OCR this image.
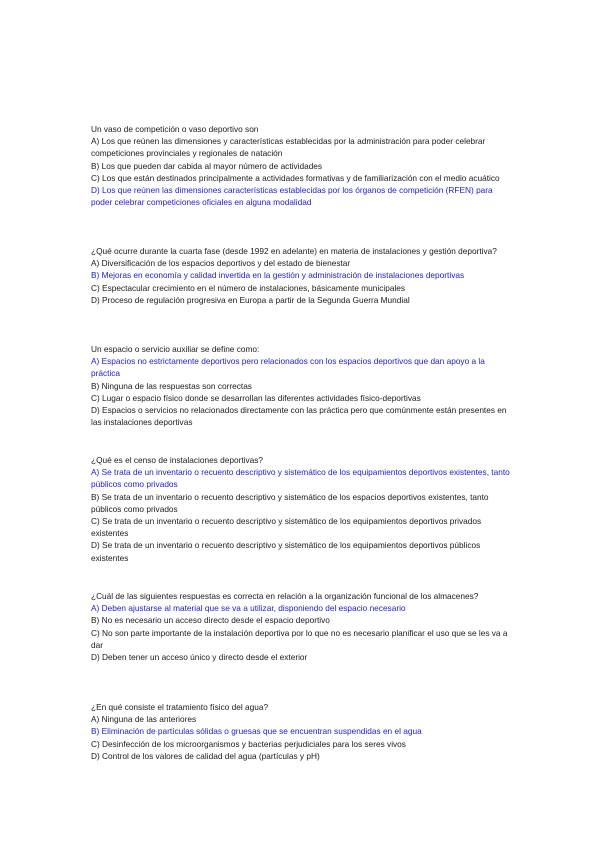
Un vaso de competición o vaso deportivo son

A) Los que reúnen las dimensiones y características establecidas por la administración para poder celebrar competiciones provinciales y regionales de natación

B) Los que pueden dar cabida al mayor número de actividades

C) Los que están destinados principalmente a actividades formativas y de familiarización con el medio acuático

D) Los que reúnen las dimensiones características establecidas por los órganos de competición (RFEN) para poder celebrar competiciones oficiales en alguna modalidad

¿Qué ocurre durante la cuarta fase (desde 1992 en adelante) en materia de instalaciones y gestión deportiva?

A) Diversificación de los espacios deportivos y del estado de bienestar

B) Mejoras en economía y calidad invertida en la gestión y administración de instalaciones deportivas

C) Espectacular crecimiento en el número de instalaciones, básicamente municipales

D) Proceso de regulación progresiva en Europa a partir de la Segunda Guerra Mundial

Un espacio o servicio auxiliar se define como:

A) Espacios no estrictamente deportivos pero relacionados con los espacios deportivos que dan apoyo a la práctica

B) Ninguna de las respuestas son correctas

C) Lugar o espacio físico donde se desarrollan las diferentes actividades físico-deportivas

D) Espacios o servicios no relacionados directamente con las práctica pero que comúnmente están presentes en las instalaciones deportivas

¿Qué es el censo de instalaciones deportivas?

A) Se trata de un inventario o recuento descriptivo y sistemático de los equipamientos deportivos existentes, tanto públicos como privados

B) Se trata de un inventario o recuento descriptivo y sistemático de los espacios deportivos existentes, tanto públicos como privados

C) Se trata de un inventario o recuento descriptivo y sistemático de los equipamientos deportivos privados existentes

D) Se trata de un inventario o recuento descriptivo y sistemático de los equipamientos deportivos públicos existentes

¿Cuál de las siguientes respuestas es correcta en relación a la organización funcional de los almacenes?

A) Deben ajustarse al material que se va a utilizar, disponiendo del espacio necesario

B) No es necesario un acceso directo desde el espacio deportivo

C) No son parte importante de la instalación deportiva por lo que no es necesario planificar el uso que se les va a dar

D) Deben tener un acceso único y directo desde el exterior

¿En qué consiste el tratamiento físico del agua?

A) Ninguna de las anteriores

B) Eliminación de partículas sólidas o gruesas que se encuentran suspendidas en el agua

C) Desinfección de los microorganismos y bacterias perjudiciales para los seres vivos

D) Control de los valores de calidad del agua (partículas y pH)
